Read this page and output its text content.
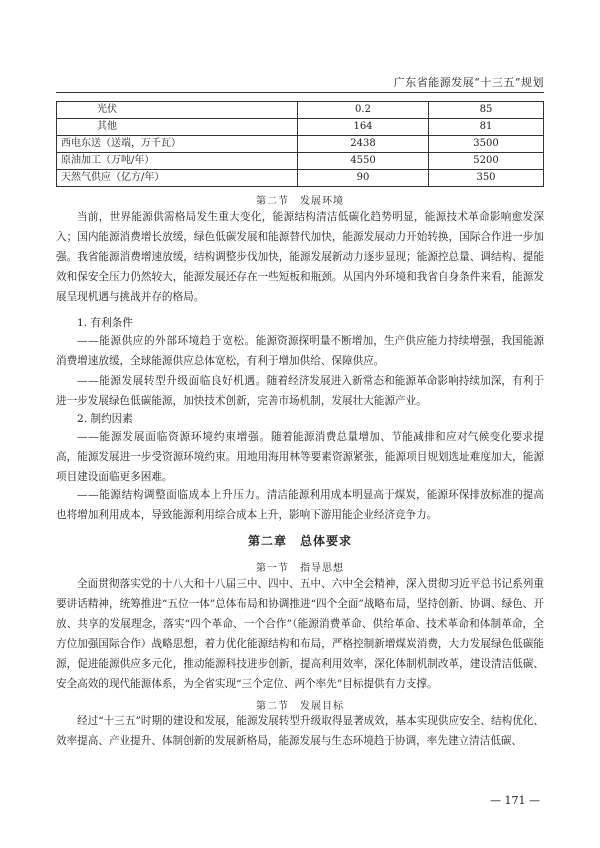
广东省能源发展“十三五”规划
光伏	0.2	85
其他	164	81
西电东送（送端，万千瓦）	2438	3500
原油加工（万吨/年）	4550	5200
天然气供应（亿方/年）	90	350
第二节　发展环境

当前，世界能源供需格局发生重大变化，能源结构清洁低碳化趋势明显，能源技术革命影响愈发深入；国内能源消费增长放缓，绿色低碳发展和能源替代加快，能源发展动力开始转换，国际合作进一步加强。我省能源消费增速放缓，结构调整步伐加快，能源发展新动力逐步显现；能源控总量、调结构、提能效和保安全压力仍然较大，能源发展还存在一些短板和瓶颈。从国内外环境和我省自身条件来看，能源发展呈现机遇与挑战并存的格局。

1. 有利条件

——能源供应的外部环境趋于宽松。能源资源探明量不断增加，生产供应能力持续增强，我国能源消费增速放缓，全球能源供应总体宽松，有利于增加供给、保障供应。

——能源发展转型升级面临良好机遇。随着经济发展进入新常态和能源革命影响持续加深，有利于进一步发展绿色低碳能源，加快技术创新，完善市场机制，发展壮大能源产业。

2. 制约因素

——能源发展面临资源环境约束增强。随着能源消费总量增加、节能减排和应对气候变化要求提高，能源发展进一步受资源环境约束。用地用海用林等要素资源紧张，能源项目规划选址难度加大，能源项目建设面临更多困难。

——能源结构调整面临成本上升压力。清洁能源利用成本明显高于煤炭，能源环保排放标准的提高也将增加利用成本，导致能源利用综合成本上升，影响下游用能企业经济竞争力。

第二章　总体要求
第一节　指导思想

全面贯彻落实党的十八大和十八届三中、四中、五中、六中全会精神，深入贯彻习近平总书记系列重要讲话精神，统筹推进“五位一体”总体布局和协调推进“四个全面”战略布局，坚持创新、协调、绿色、开放、共享的发展理念，落实“四个革命、一个合作”（能源消费革命、供给革命、技术革命和体制革命，全方位加强国际合作）战略思想，着力优化能源结构和布局，严格控制新增煤炭消费，大力发展绿色低碳能源，促进能源供应多元化，推动能源科技进步创新，提高利用效率，深化体制机制改革，建设清洁低碳、安全高效的现代能源体系，为全省实现“三个定位、两个率先”目标提供有力支撑。

第二节　发展目标

经过“十三五”时期的建设和发展，能源发展转型升级取得显著成效，基本实现供应安全、结构优化、效率提高、产业提升、体制创新的发展新格局，能源发展与生态环境趋于协调，率先建立清洁低碳、

— 171 —
